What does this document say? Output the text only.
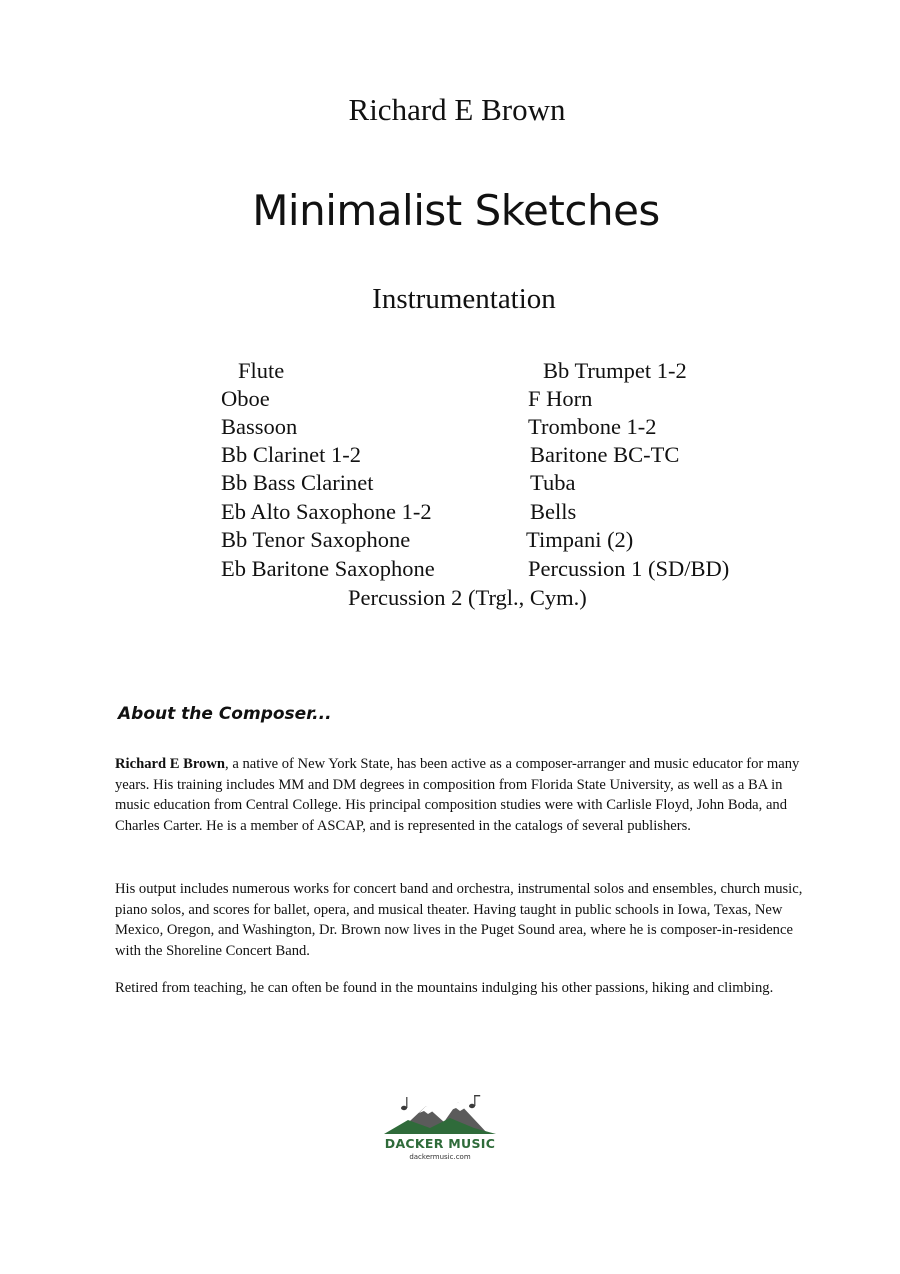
Richard E Brown
Minimalist Sketches
Instrumentation
Flute
Oboe
Bassoon
Bb Clarinet 1-2
Bb Bass Clarinet
Eb Alto Saxophone 1-2
Bb Tenor Saxophone
Eb Baritone Saxophone
Bb Trumpet 1-2
F Horn
Trombone 1-2
Baritone BC-TC
Tuba
Bells
Timpani (2)
Percussion 1 (SD/BD)
Percussion 2 (Trgl., Cym.)
About the Composer...

Richard E Brown, a native of New York State, has been active as a composer-arranger and music educator for many years. His training includes MM and DM degrees in composition from Florida State University, as well as a BA in music education from Central College. His principal composition studies were with Carlisle Floyd, John Boda, and Charles Carter. He is a member of ASCAP, and is represented in the catalogs of several publishers.

His output includes numerous works for concert band and orchestra, instrumental solos and ensembles, church music, piano solos, and scores for ballet, opera, and musical theater. Having taught in public schools in Iowa, Texas, New Mexico, Oregon, and Washington, Dr. Brown now lives in the Puget Sound area, where he is composer-in-residence with the Shoreline Concert Band.

Retired from teaching, he can often be found in the mountains indulging his other passions, hiking and climbing.

DACKER MUSIC
dackermusic.com
